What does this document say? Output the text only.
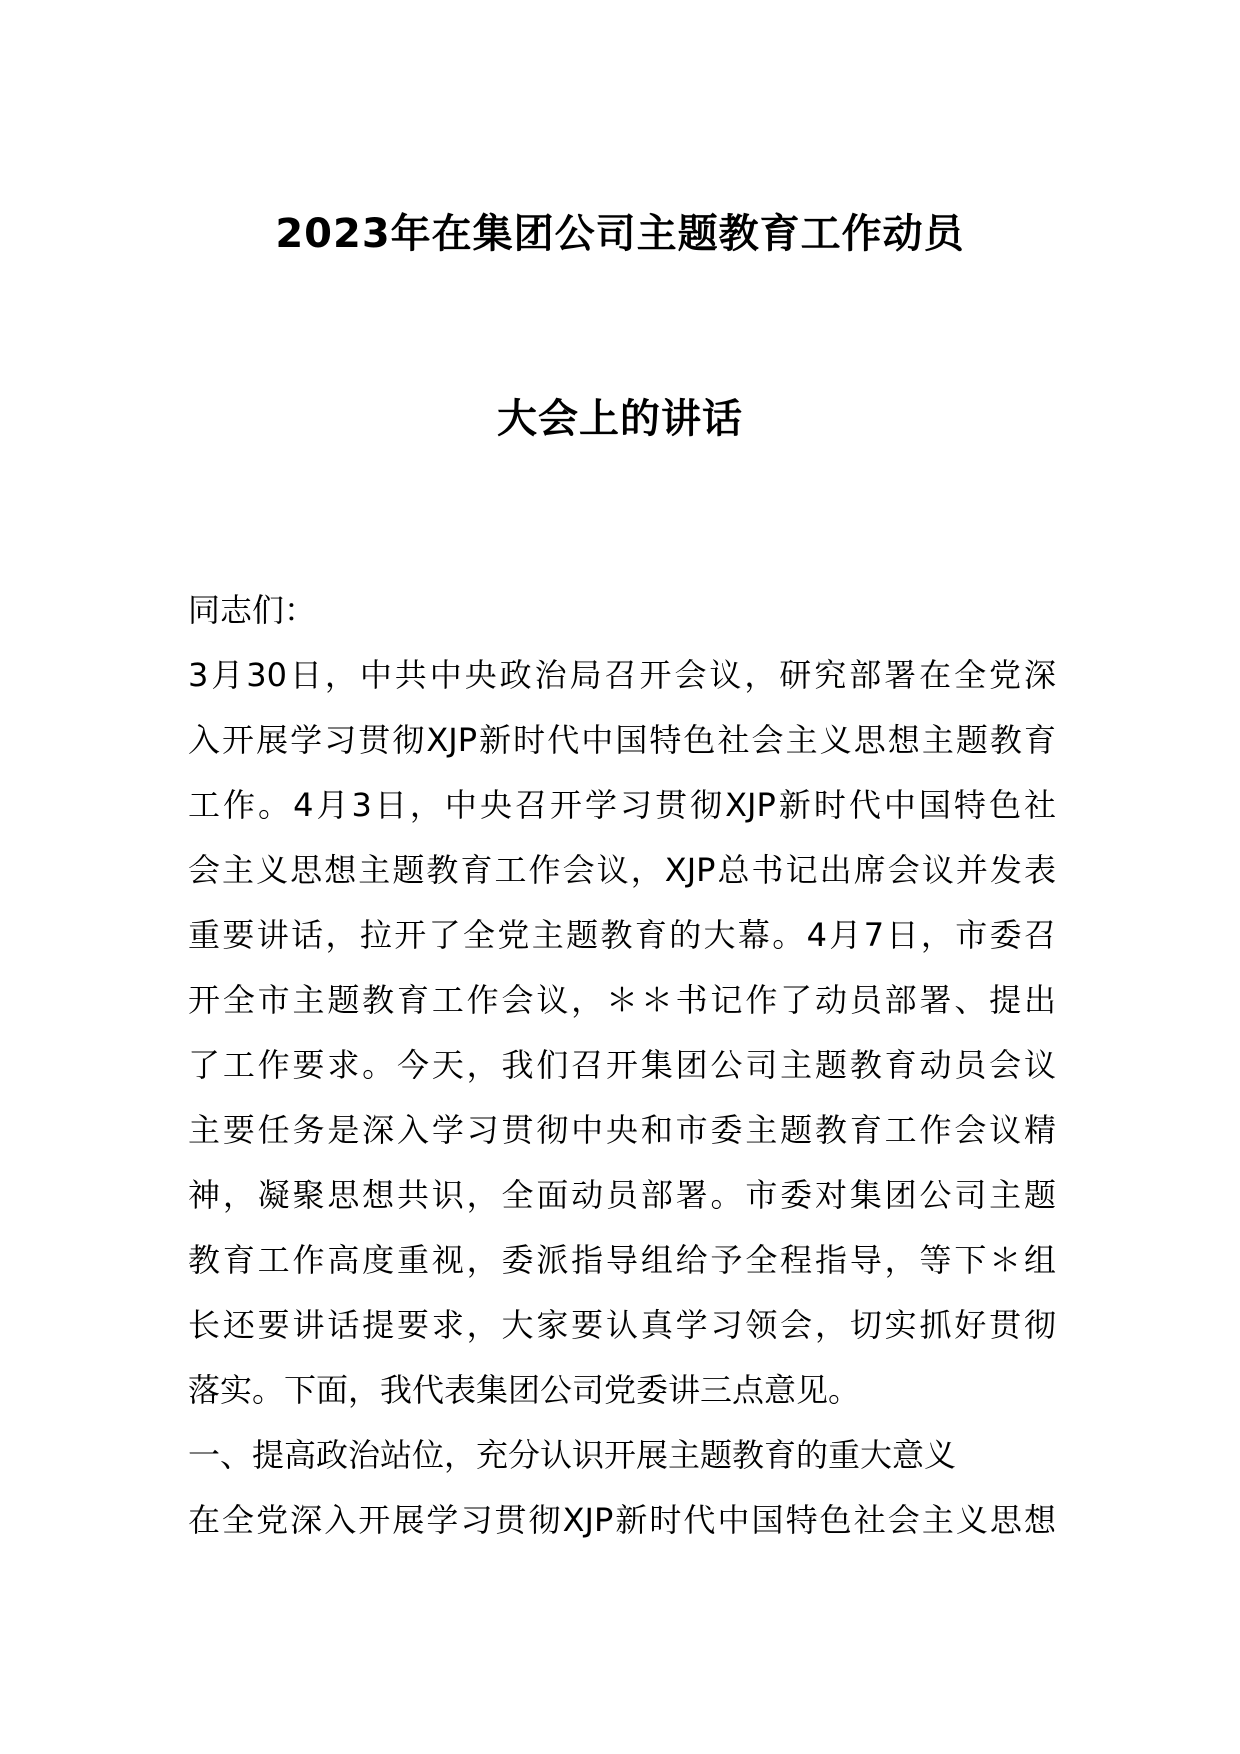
2023年在集团公司主题教育工作动员
大会上的讲话
同志们：
3月30日，中共中央政治局召开会议，研究部署在全党深
入开展学习贯彻XJP新时代中国特色社会主义思想主题教育
工作。4月3日，中央召开学习贯彻XJP新时代中国特色社
会主义思想主题教育工作会议，XJP总书记出席会议并发表
重要讲话，拉开了全党主题教育的大幕。4月7日，市委召
开全市主题教育工作会议，＊＊书记作了动员部署、提出
了工作要求。今天，我们召开集团公司主题教育动员会议
主要任务是深入学习贯彻中央和市委主题教育工作会议精
神，凝聚思想共识，全面动员部署。市委对集团公司主题
教育工作高度重视，委派指导组给予全程指导，等下＊组
长还要讲话提要求，大家要认真学习领会，切实抓好贯彻
落实。下面，我代表集团公司党委讲三点意见。
一、提高政治站位，充分认识开展主题教育的重大意义
在全党深入开展学习贯彻XJP新时代中国特色社会主义思想
